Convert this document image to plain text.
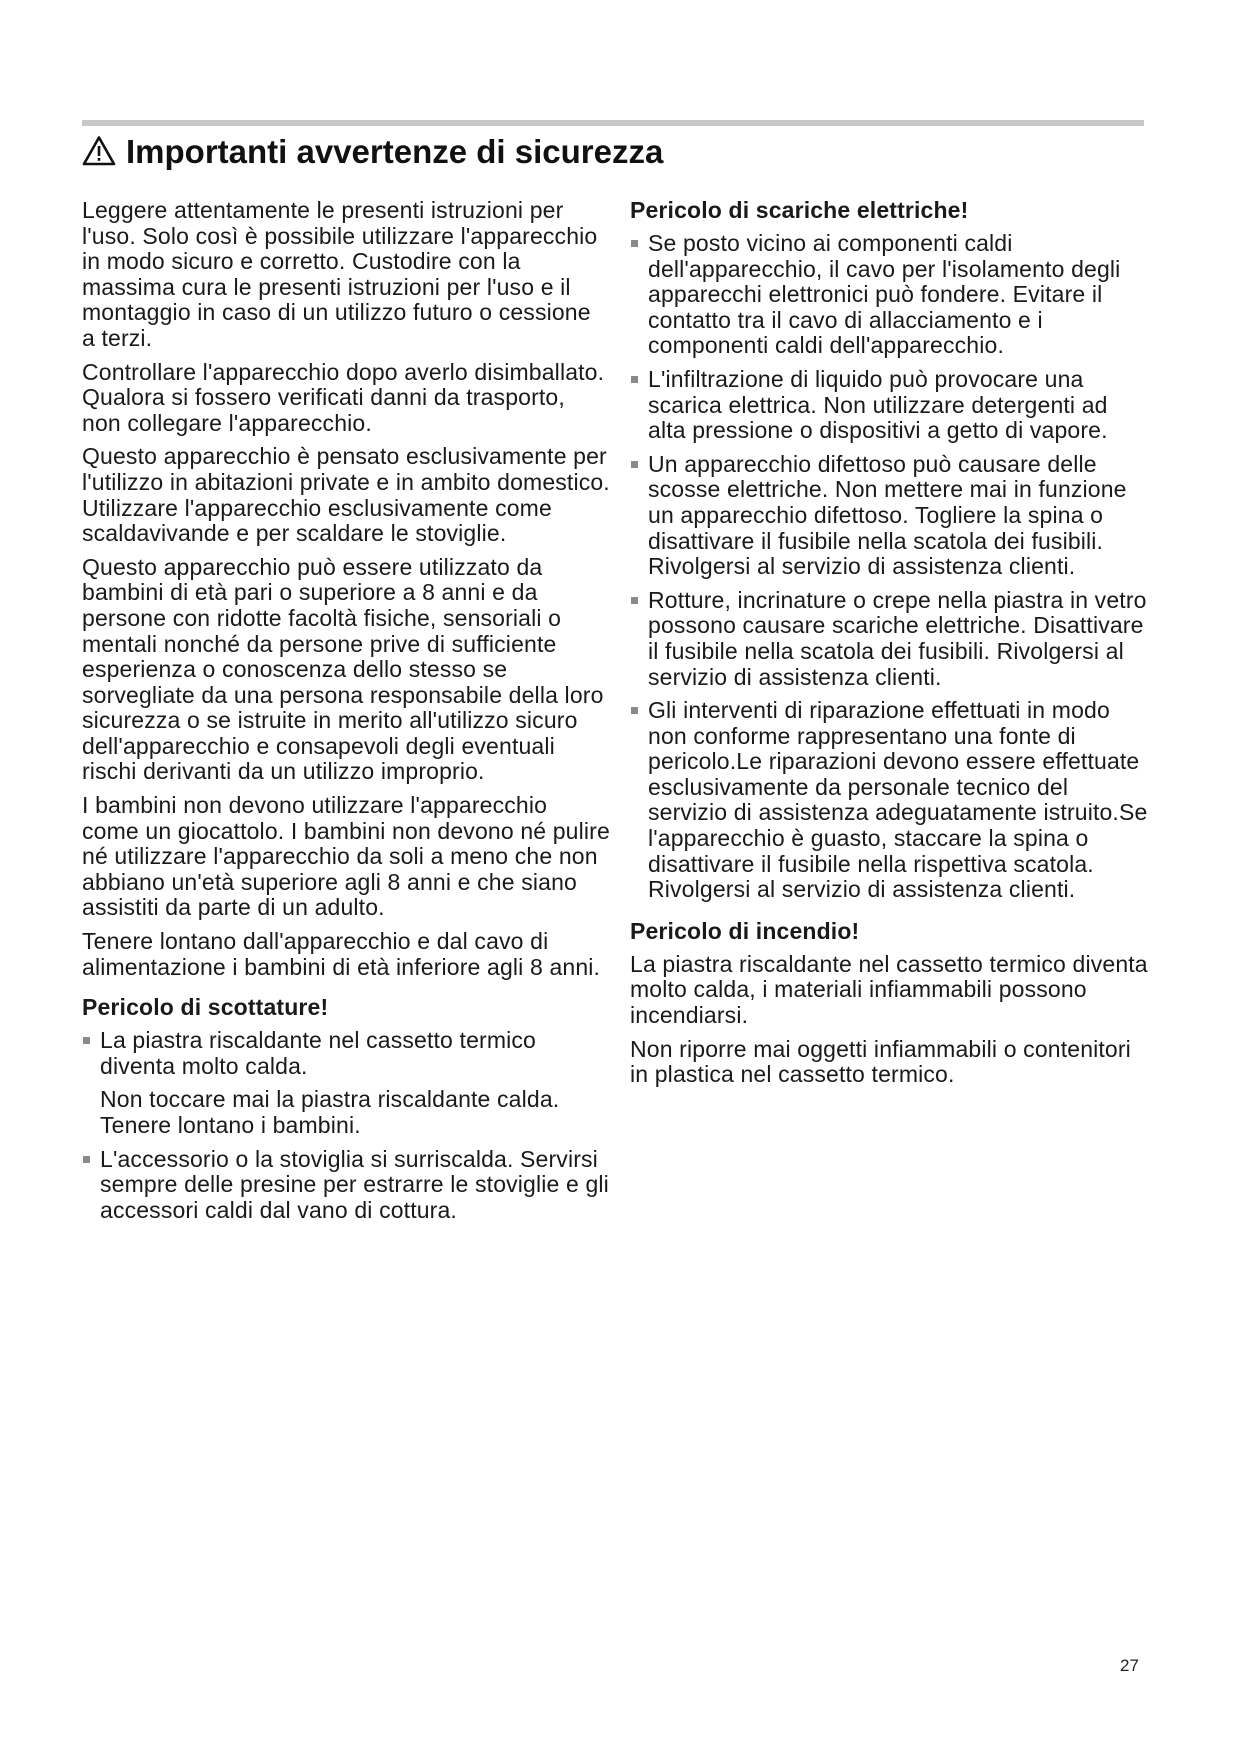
Importanti avvertenze di sicurezza

Leggere attentamente le presenti istruzioni per l'uso. Solo così è possibile utilizzare l'apparecchio in modo sicuro e corretto. Custodire con la massima cura le presenti istruzioni per l'uso e il montaggio in caso di un utilizzo futuro o cessione a terzi.

Controllare l'apparecchio dopo averlo disimballato. Qualora si fossero verificati danni da trasporto, non collegare l'apparecchio.

Questo apparecchio è pensato esclusivamente per l'utilizzo in abitazioni private e in ambito domestico. Utilizzare l'apparecchio esclusivamente come scaldavivande e per scaldare le stoviglie.

Questo apparecchio può essere utilizzato da bambini di età pari o superiore a 8 anni e da persone con ridotte facoltà fisiche, sensoriali o mentali nonché da persone prive di sufficiente esperienza o conoscenza dello stesso se sorvegliate da una persona responsabile della loro sicurezza o se istruite in merito all'utilizzo sicuro dell'apparecchio e consapevoli degli eventuali rischi derivanti da un utilizzo improprio.

I bambini non devono utilizzare l'apparecchio come un giocattolo. I bambini non devono né pulire né utilizzare l'apparecchio da soli a meno che non abbiano un'età superiore agli 8 anni e che siano assistiti da parte di un adulto.

Tenere lontano dall'apparecchio e dal cavo di alimentazione i bambini di età inferiore agli 8 anni.

Pericolo di scottature!

La piastra riscaldante nel cassetto termico diventa molto calda.

Non toccare mai la piastra riscaldante calda. Tenere lontano i bambini.

L'accessorio o la stoviglia si surriscalda. Servirsi sempre delle presine per estrarre le stoviglie e gli accessori caldi dal vano di cottura.

Pericolo di scariche elettriche!

Se posto vicino ai componenti caldi dell'apparecchio, il cavo per l'isolamento degli apparecchi elettronici può fondere. Evitare il contatto tra il cavo di allacciamento e i componenti caldi dell'apparecchio.

L'infiltrazione di liquido può provocare una scarica elettrica. Non utilizzare detergenti ad alta pressione o dispositivi a getto di vapore.

Un apparecchio difettoso può causare delle scosse elettriche. Non mettere mai in funzione un apparecchio difettoso. Togliere la spina o disattivare il fusibile nella scatola dei fusibili. Rivolgersi al servizio di assistenza clienti.

Rotture, incrinature o crepe nella piastra in vetro possono causare scariche elettriche. Disattivare il fusibile nella scatola dei fusibili. Rivolgersi al servizio di assistenza clienti.

Gli interventi di riparazione effettuati in modo non conforme rappresentano una fonte di pericolo.Le riparazioni devono essere effettuate esclusivamente da personale tecnico del servizio di assistenza adeguatamente istruito.Se l'apparecchio è guasto, staccare la spina o disattivare il fusibile nella rispettiva scatola. Rivolgersi al servizio di assistenza clienti.

Pericolo di incendio!

La piastra riscaldante nel cassetto termico diventa molto calda, i materiali infiammabili possono incendiarsi.

Non riporre mai oggetti infiammabili o contenitori in plastica nel cassetto termico.

27
